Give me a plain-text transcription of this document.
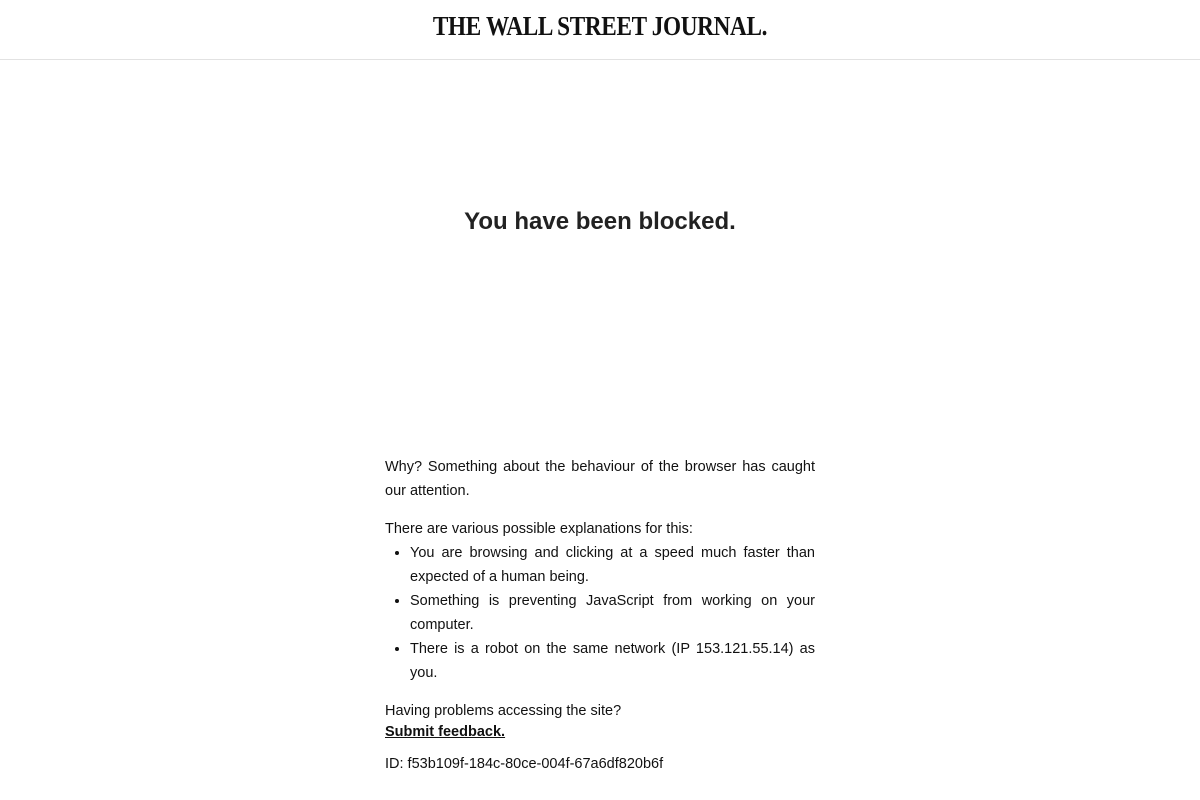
THE WALL STREET JOURNAL.
You have been blocked.

Why? Something about the behaviour of the browser has caught our attention.

There are various possible explanations for this:

• You are browsing and clicking at a speed much faster than expected of a human being.
• Something is preventing JavaScript from working on your computer.
• There is a robot on the same network (IP 153.121.55.14) as you.

Having problems accessing the site?

Submit feedback.

ID: f53b109f-184c-80ce-004f-67a6df820b6f
